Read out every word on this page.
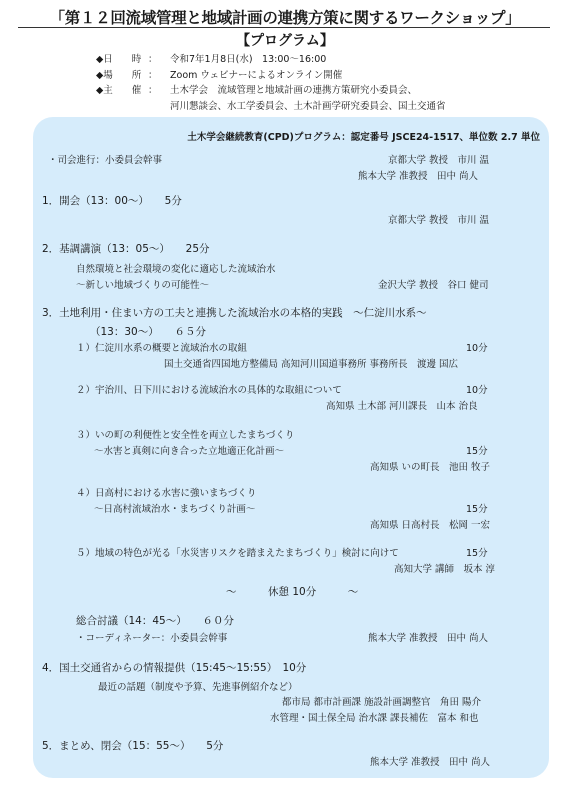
「第１２回流域管理と地域計画の連携方策に関するワークショップ」
【プログラム】
◆日　　時 ：	令和7年1月8日(水)　13:00〜16:00
◆場　　所 ：	Zoom ウェビナーによるオンライン開催
◆主　　催 ：	土木学会　流域管理と地域計画の連携方策研究小委員会、
河川懇談会、水工学委員会、土木計画学研究委員会、国土交通省
土木学会継続教育(CPD)プログラム：認定番号 JSCE24-1517、単位数 2.7 単位
・司会進行：小委員会幹事	京都大学 教授　市川 温
熊本大学 准教授　田中 尚人
1．開会（13：00〜）　　5分
京都大学 教授　市川 温
2．基調講演（13：05〜）　　25分
自然環境と社会環境の変化に適応した流域治水
〜新しい地域づくりの可能性〜	金沢大学 教授　谷口 健司
3．土地利用・住まい方の工夫と連携した流域治水の本格的実践　〜仁淀川水系〜
（13：30〜）　　６５分
１）仁淀川水系の概要と流域治水の取組	10分
国土交通省四国地方整備局 高知河川国道事務所 事務所長　渡邊 国広
２）宇治川、日下川における流域治水の具体的な取組について	10分
高知県 土木部 河川課長　山本 治良
３）いの町の利便性と安全性を両立したまちづくり
〜水害と真剣に向き合った立地適正化計画〜	15分
高知県 いの町長　池田 牧子
４）日高村における水害に強いまちづくり
〜日高村流域治水・まちづくり計画〜	15分
高知県 日高村長　松岡 一宏
５）地域の特色が光る「水災害リスクを踏まえたまちづくり」検討に向けて	15分
高知大学 講師　坂本 淳
〜　　　休憩 10分　　　〜
総合討議（14：45〜）　　６０分
・コーディネーター：小委員会幹事	熊本大学 准教授　田中 尚人
4．国土交通省からの情報提供（15:45〜15:55）　10分
最近の話題（制度や予算、先進事例紹介など）
都市局 都市計画課 施設計画調整官　角田 陽介
水管理・国土保全局 治水課 課長補佐　富本 和也
5．まとめ、閉会（15：55〜）　　5分
熊本大学 准教授　田中 尚人
